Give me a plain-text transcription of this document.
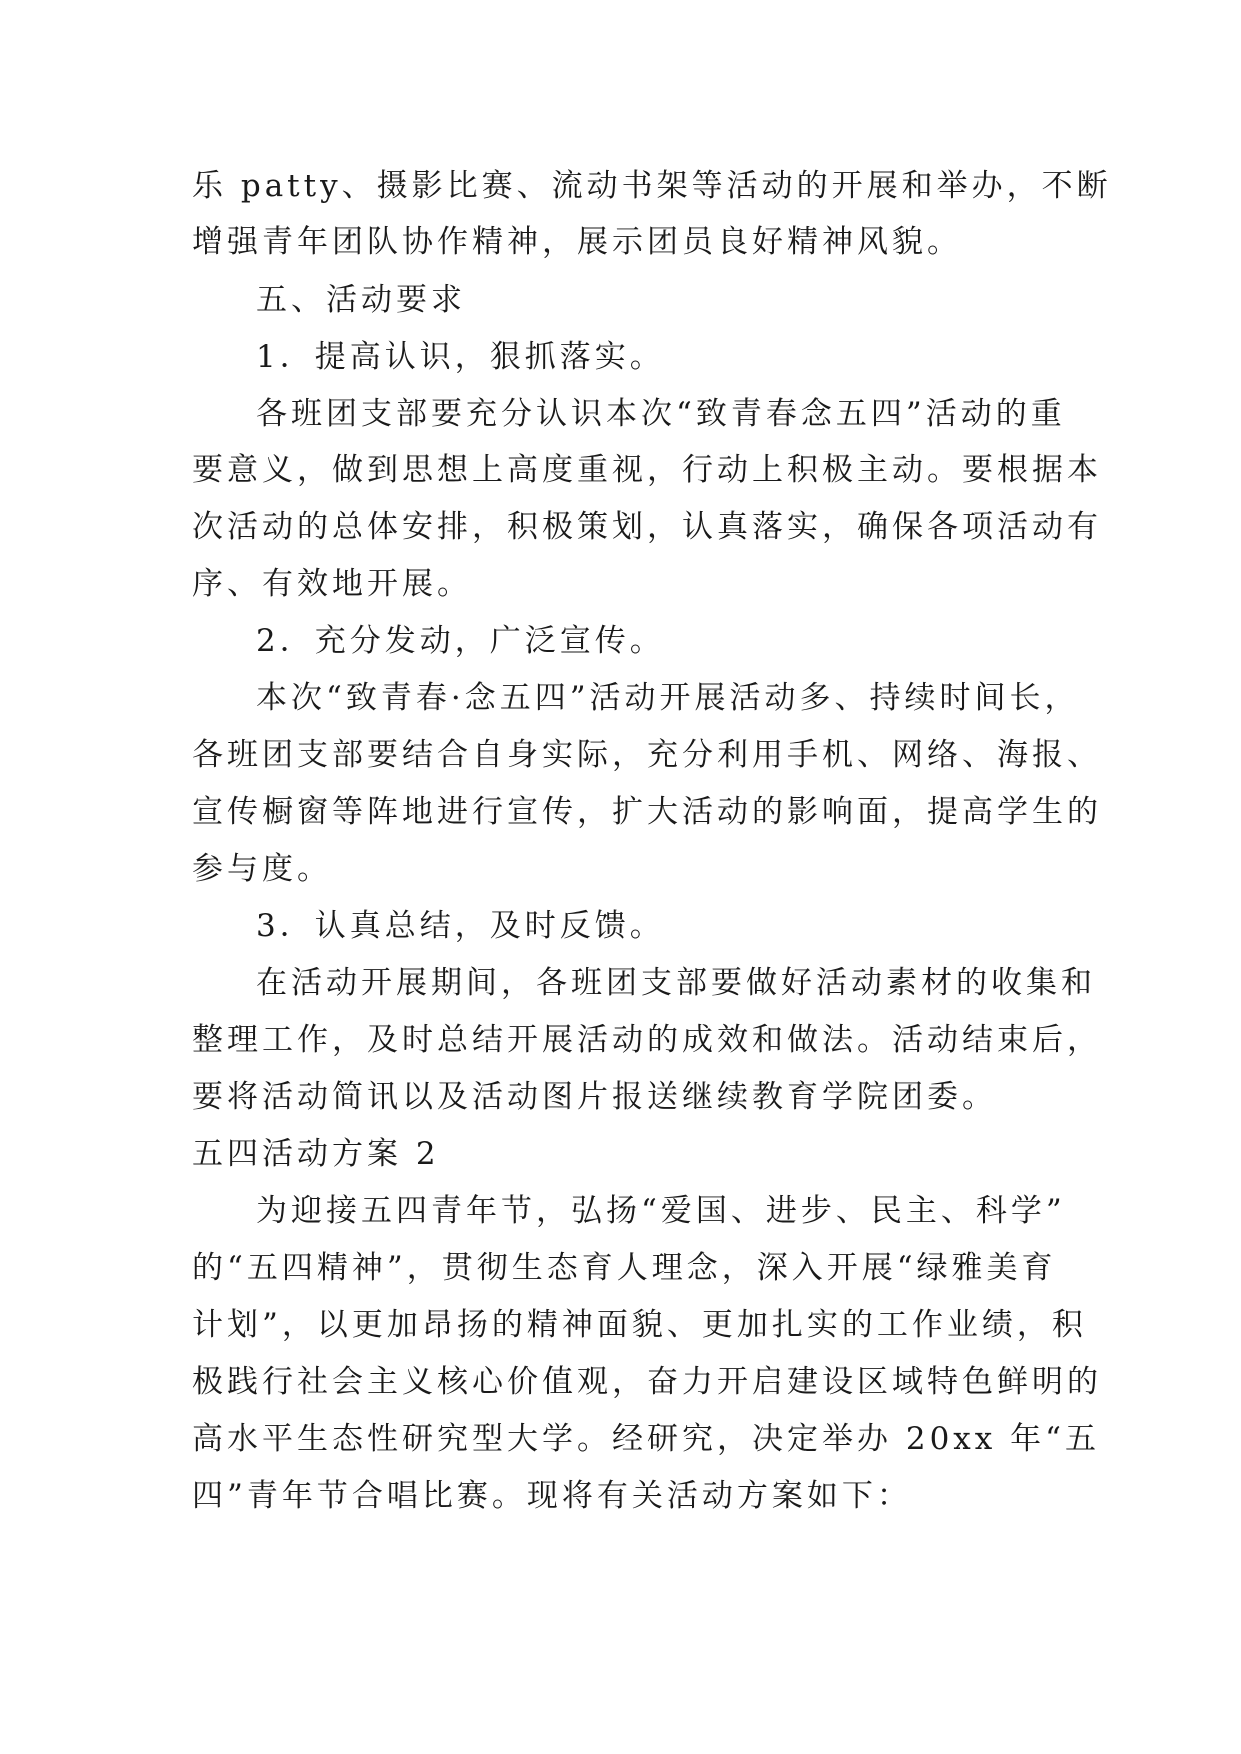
乐 patty、摄影比赛、流动书架等活动的开展和举办，不断
增强青年团队协作精神，展示团员良好精神风貌。
五、活动要求
1．提高认识，狠抓落实。
各班团支部要充分认识本次“致青春念五四”活动的重
要意义，做到思想上高度重视，行动上积极主动。要根据本
次活动的总体安排，积极策划，认真落实，确保各项活动有
序、有效地开展。
2．充分发动，广泛宣传。
本次“致青春·念五四”活动开展活动多、持续时间长，
各班团支部要结合自身实际，充分利用手机、网络、海报、
宣传橱窗等阵地进行宣传，扩大活动的影响面，提高学生的
参与度。
3．认真总结，及时反馈。
在活动开展期间，各班团支部要做好活动素材的收集和
整理工作，及时总结开展活动的成效和做法。活动结束后，
要将活动简讯以及活动图片报送继续教育学院团委。
五四活动方案 2
为迎接五四青年节，弘扬“爱国、进步、民主、科学”
的“五四精神”，贯彻生态育人理念，深入开展“绿雅美育
计划”，以更加昂扬的精神面貌、更加扎实的工作业绩，积
极践行社会主义核心价值观，奋力开启建设区域特色鲜明的
高水平生态性研究型大学。经研究，决定举办 20xx 年“五
四”青年节合唱比赛。现将有关活动方案如下：
